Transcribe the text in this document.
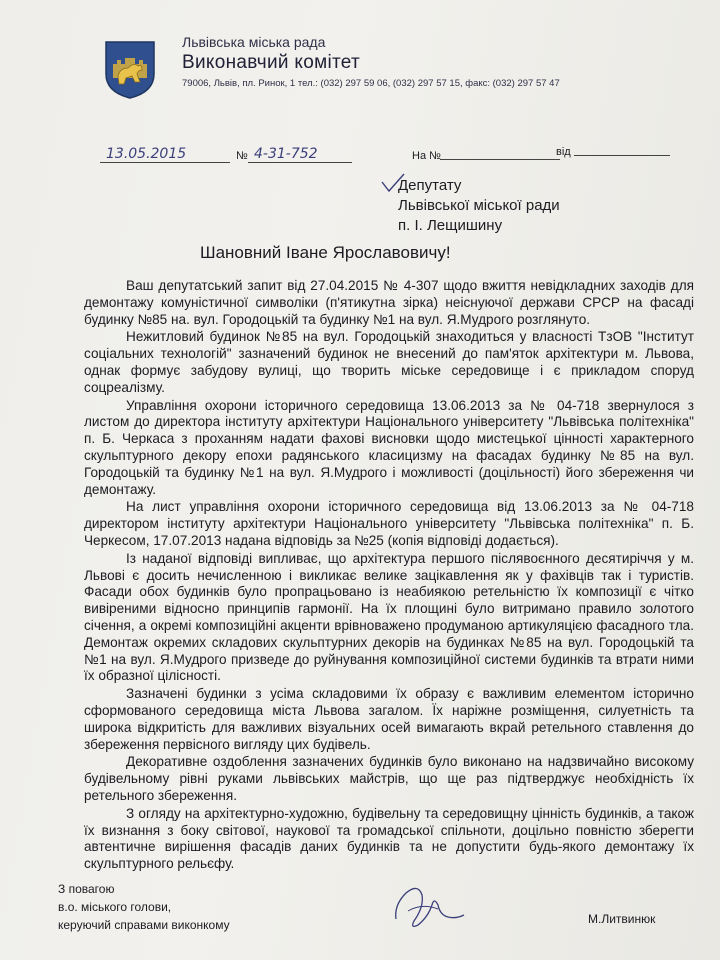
Львівська міська рада
Виконавчий комітет
79006, Львів, пл. Ринок, 1 тел.: (032) 297 59 06, (032) 297 57 15, факс: (032) 297 57 47
13.05.2015	№ 4-31-752	На №	від
Депутату
Львівської міської ради
п. І. Лещишину
Шановний Іване Ярославовичу!

Ваш депутатський запит від 27.04.2015 № 4-307 щодо вжиття невідкладних заходів для демонтажу комуністичної символіки (п'ятикутна зірка) неіснуючої держави СРСР на фасаді будинку №85 на. вул. Городоцькій та будинку №1 на вул. Я.Мудрого розглянуто.

Нежитловий будинок №85 на вул. Городоцькій знаходиться у власності ТзОВ "Інститут соціальних технологій" зазначений будинок не внесений до пам'яток архітектури м. Львова, однак формує забудову вулиці, що творить міське середовище і є прикладом споруд соцреалізму.

Управління охорони історичного середовища 13.06.2013 за № 04-718 звернулося з листом до директора інституту архітектури Національного університету "Львівська політехніка" п. Б. Черкаса з проханням надати фахові висновки щодо мистецької цінності характерного скульптурного декору епохи радянського класицизму на фасадах будинку №85 на вул. Городоцькій та будинку №1 на вул. Я.Мудрого і можливості (доцільності) його збереження чи демонтажу.

На лист управління охорони історичного середовища від 13.06.2013 за № 04-718 директором інституту архітектури Національного університету "Львівська політехніка" п. Б. Черкесом, 17.07.2013 надана відповідь за №25 (копія відповіді додається).

Із наданої відповіді випливає, що архітектура першого післявоєнного десятиріччя у м. Львові є досить нечисленною і викликає велике зацікавлення як у фахівців так і туристів. Фасади обох будинків було пропрацьовано із неабиякою ретельністю їх композиції є чітко вивіреними відносно принципів гармонії. На їх площині було витримано правило золотого січення, а окремі композиційні акценти врівноважено продуманою артикуляцією фасадного тла. Демонтаж окремих складових скульптурних декорів на будинках №85 на вул. Городоцькій та №1 на вул. Я.Мудрого призведе до руйнування композиційної системи будинків та втрати ними їх образної цілісності.

Зазначені будинки з усіма складовими їх образу є важливим елементом історично сформованого середовища міста Львова загалом. Їх наріжне розміщення, силуетність та широка відкритість для важливих візуальних осей вимагають вкрай ретельного ставлення до збереження первісного вигляду цих будівель.

Декоративне оздоблення зазначених будинків було виконано на надзвичайно високому будівельному рівні руками львівських майстрів, що ще раз підтверджує необхідність їх ретельного збереження.

З огляду на архітектурно-художню, будівельну та середовищну цінність будинків, а також їх визнання з боку світової, наукової та громадської спільноти, доцільно повністю зберегти автентичне вирішення фасадів даних будинків та не допустити будь-якого демонтажу їх скульптурного рельєфу.

З повагою
в.о. міського голови,
керуючий справами виконкому	М.Литвинюк
